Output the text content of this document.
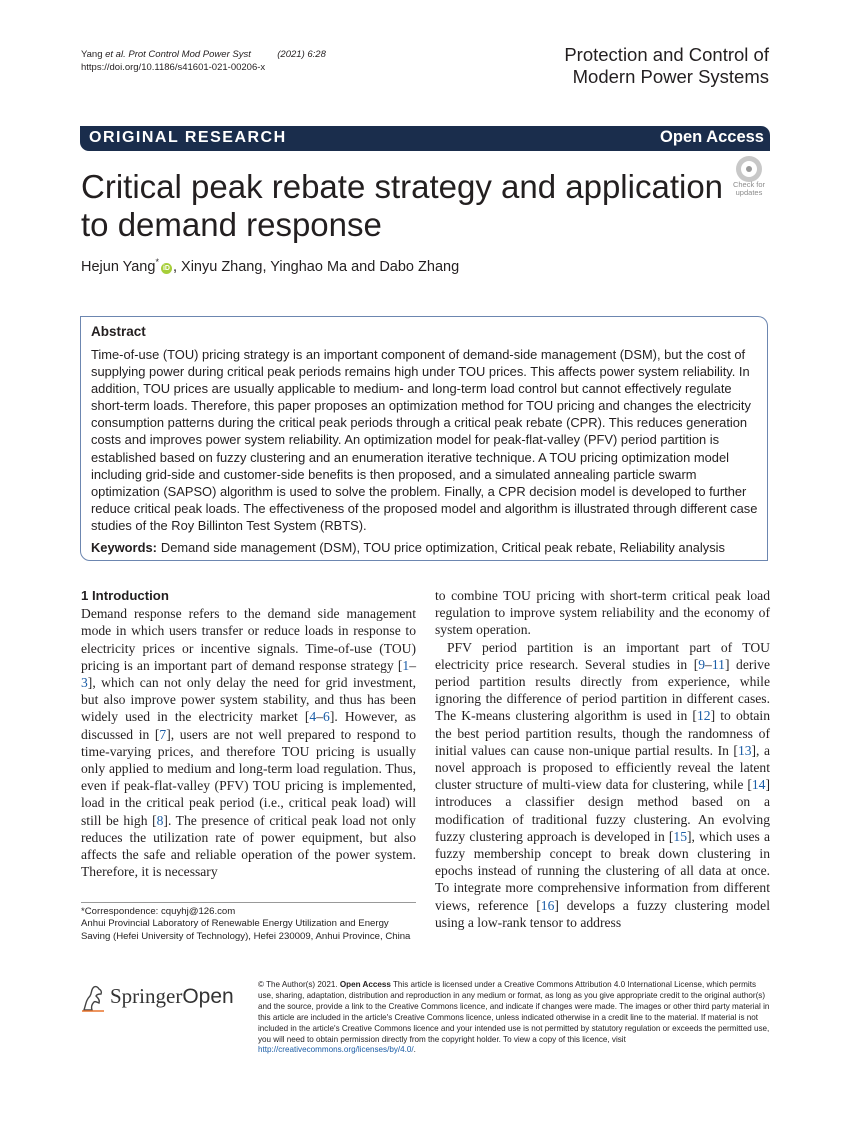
Yang et al. Prot Control Mod Power Syst	(2021) 6:28
https://doi.org/10.1186/s41601-021-00206-x
Protection and Control of
Modern Power Systems
ORIGINAL RESEARCH	Open Access
Critical peak rebate strategy and application to demand response
Check for
updates
Hejun Yang*iD , Xinyu Zhang, Yinghao Ma and Dabo Zhang
Abstract
Time-of-use (TOU) pricing strategy is an important component of demand-side management (DSM), but the cost of supplying power during critical peak periods remains high under TOU prices. This affects power system reliability. In addition, TOU prices are usually applicable to medium- and long-term load control but cannot effectively regulate short-term loads. Therefore, this paper proposes an optimization method for TOU pricing and changes the electricity consumption patterns during the critical peak periods through a critical peak rebate (CPR). This reduces generation costs and improves power system reliability. An optimization model for peak-flat-valley (PFV) period partition is established based on fuzzy clustering and an enumeration iterative technique. A TOU pricing optimization model including grid-side and customer-side benefits is then proposed, and a simulated annealing particle swarm optimization (SAPSO) algorithm is used to solve the problem. Finally, a CPR decision model is developed to further reduce critical peak loads. The effectiveness of the proposed model and algorithm is illustrated through different case studies of the Roy Billinton Test System (RBTS).
Keywords: Demand side management (DSM), TOU price optimization, Critical peak rebate, Reliability analysis
1 Introduction

Demand response refers to the demand side management mode in which users transfer or reduce loads in response to electricity prices or incentive signals. Time-of-use (TOU) pricing is an important part of demand response strategy [1–3], which can not only delay the need for grid investment, but also improve power system stability, and thus has been widely used in the electricity market [4–6]. However, as discussed in [7], users are not well prepared to respond to time-varying prices, and therefore TOU pricing is usually only applied to medium and long-term load regulation. Thus, even if peak-flat-valley (PFV) TOU pricing is implemented, load in the critical peak period (i.e., critical peak load) will still be high [8]. The presence of critical peak load not only reduces the utilization rate of power equipment, but also affects the safe and reliable operation of the power system. Therefore, it is necessary

to combine TOU pricing with short-term critical peak load regulation to improve system reliability and the economy of system operation.

PFV period partition is an important part of TOU electricity price research. Several studies in [9–11] derive period partition results directly from experience, while ignoring the difference of period partition in different cases. The K-means clustering algorithm is used in [12] to obtain the best period partition results, though the randomness of initial values can cause non-unique partial results. In [13], a novel approach is proposed to efficiently reveal the latent cluster structure of multi-view data for clustering, while [14] introduces a classifier design method based on a modification of traditional fuzzy clustering. An evolving fuzzy clustering approach is developed in [15], which uses a fuzzy membership concept to break down clustering in epochs instead of running the clustering of all data at once. To integrate more comprehensive information from different views, reference [16] develops a fuzzy clustering model using a low-rank tensor to address

*Correspondence: cquyhj@126.com
Anhui Provincial Laboratory of Renewable Energy Utilization and Energy Saving (Hefei University of Technology), Hefei 230009, Anhui Province, China
SpringerOpen
© The Author(s) 2021. Open Access This article is licensed under a Creative Commons Attribution 4.0 International License, which permits use, sharing, adaptation, distribution and reproduction in any medium or format, as long as you give appropriate credit to the original author(s) and the source, provide a link to the Creative Commons licence, and indicate if changes were made. The images or other third party material in this article are included in the article's Creative Commons licence, unless indicated otherwise in a credit line to the material. If material is not included in the article's Creative Commons licence and your intended use is not permitted by statutory regulation or exceeds the permitted use, you will need to obtain permission directly from the copyright holder. To view a copy of this licence, visit http://creativecommons.org/licenses/by/4.0/.
